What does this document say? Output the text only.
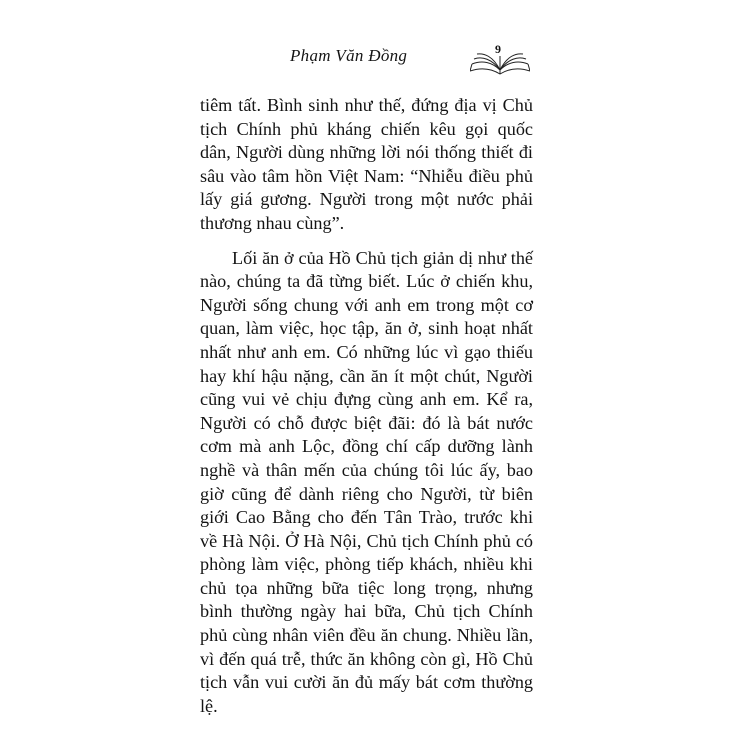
Phạm Văn Đồng	9

tiêm tất. Bình sinh như thế, đứng địa vị Chủ tịch Chính phủ kháng chiến kêu gọi quốc dân, Người dùng những lời nói thống thiết đi sâu vào tâm hồn Việt Nam: “Nhiễu điều phủ lấy giá gương. Người trong một nước phải thương nhau cùng”.

Lối ăn ở của Hồ Chủ tịch giản dị như thế nào, chúng ta đã từng biết. Lúc ở chiến khu, Người sống chung với anh em trong một cơ quan, làm việc, học tập, ăn ở, sinh hoạt nhất nhất như anh em. Có những lúc vì gạo thiếu hay khí hậu nặng, cần ăn ít một chút, Người cũng vui vẻ chịu đựng cùng anh em. Kể ra, Người có chỗ được biệt đãi: đó là bát nước cơm mà anh Lộc, đồng chí cấp dưỡng lành nghề và thân mến của chúng tôi lúc ấy, bao giờ cũng để dành riêng cho Người, từ biên giới Cao Bằng cho đến Tân Trào, trước khi về Hà Nội. Ở Hà Nội, Chủ tịch Chính phủ có phòng làm việc, phòng tiếp khách, nhiều khi chủ tọa những bữa tiệc long trọng, nhưng bình thường ngày hai bữa, Chủ tịch Chính phủ cùng nhân viên đều ăn chung. Nhiều lần, vì đến quá trễ, thức ăn không còn gì, Hồ Chủ tịch vẫn vui cười ăn đủ mấy bát cơm thường lệ.
